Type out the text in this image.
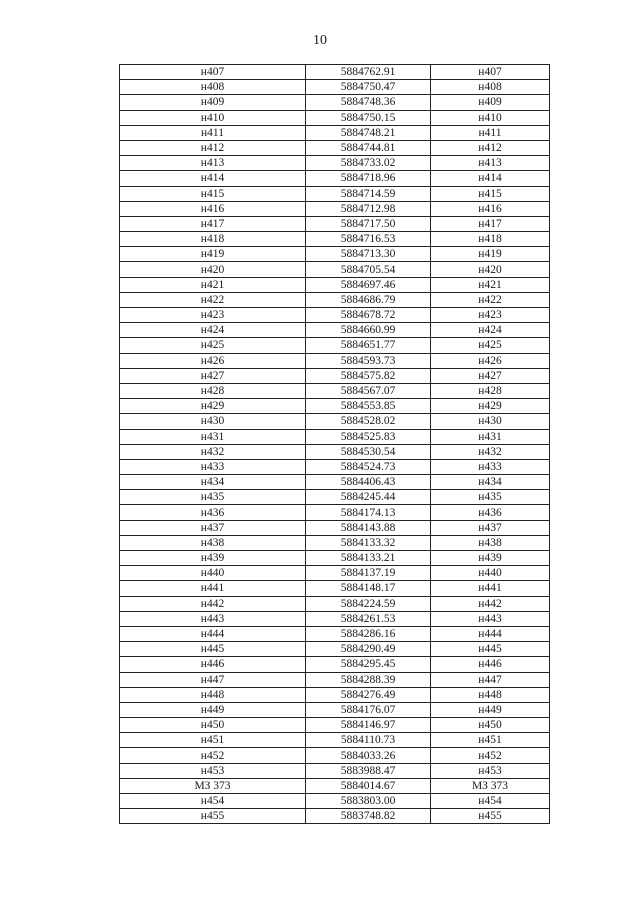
10
н407	5884762.91	н407
н408	5884750.47	н408
н409	5884748.36	н409
н410	5884750.15	н410
н411	5884748.21	н411
н412	5884744.81	н412
н413	5884733.02	н413
н414	5884718.96	н414
н415	5884714.59	н415
н416	5884712.98	н416
н417	5884717.50	н417
н418	5884716.53	н418
н419	5884713.30	н419
н420	5884705.54	н420
н421	5884697.46	н421
н422	5884686.79	н422
н423	5884678.72	н423
н424	5884660.99	н424
н425	5884651.77	н425
н426	5884593.73	н426
н427	5884575.82	н427
н428	5884567.07	н428
н429	5884553.85	н429
н430	5884528.02	н430
н431	5884525.83	н431
н432	5884530.54	н432
н433	5884524.73	н433
н434	5884406.43	н434
н435	5884245.44	н435
н436	5884174.13	н436
н437	5884143.88	н437
н438	5884133.32	н438
н439	5884133.21	н439
н440	5884137.19	н440
н441	5884148.17	н441
н442	5884224.59	н442
н443	5884261.53	н443
н444	5884286.16	н444
н445	5884290.49	н445
н446	5884295.45	н446
н447	5884288.39	н447
н448	5884276.49	н448
н449	5884176.07	н449
н450	5884146.97	н450
н451	5884110.73	н451
н452	5884033.26	н452
н453	5883988.47	н453
МЗ 373	5884014.67	МЗ 373
н454	5883803.00	н454
н455	5883748.82	н455
